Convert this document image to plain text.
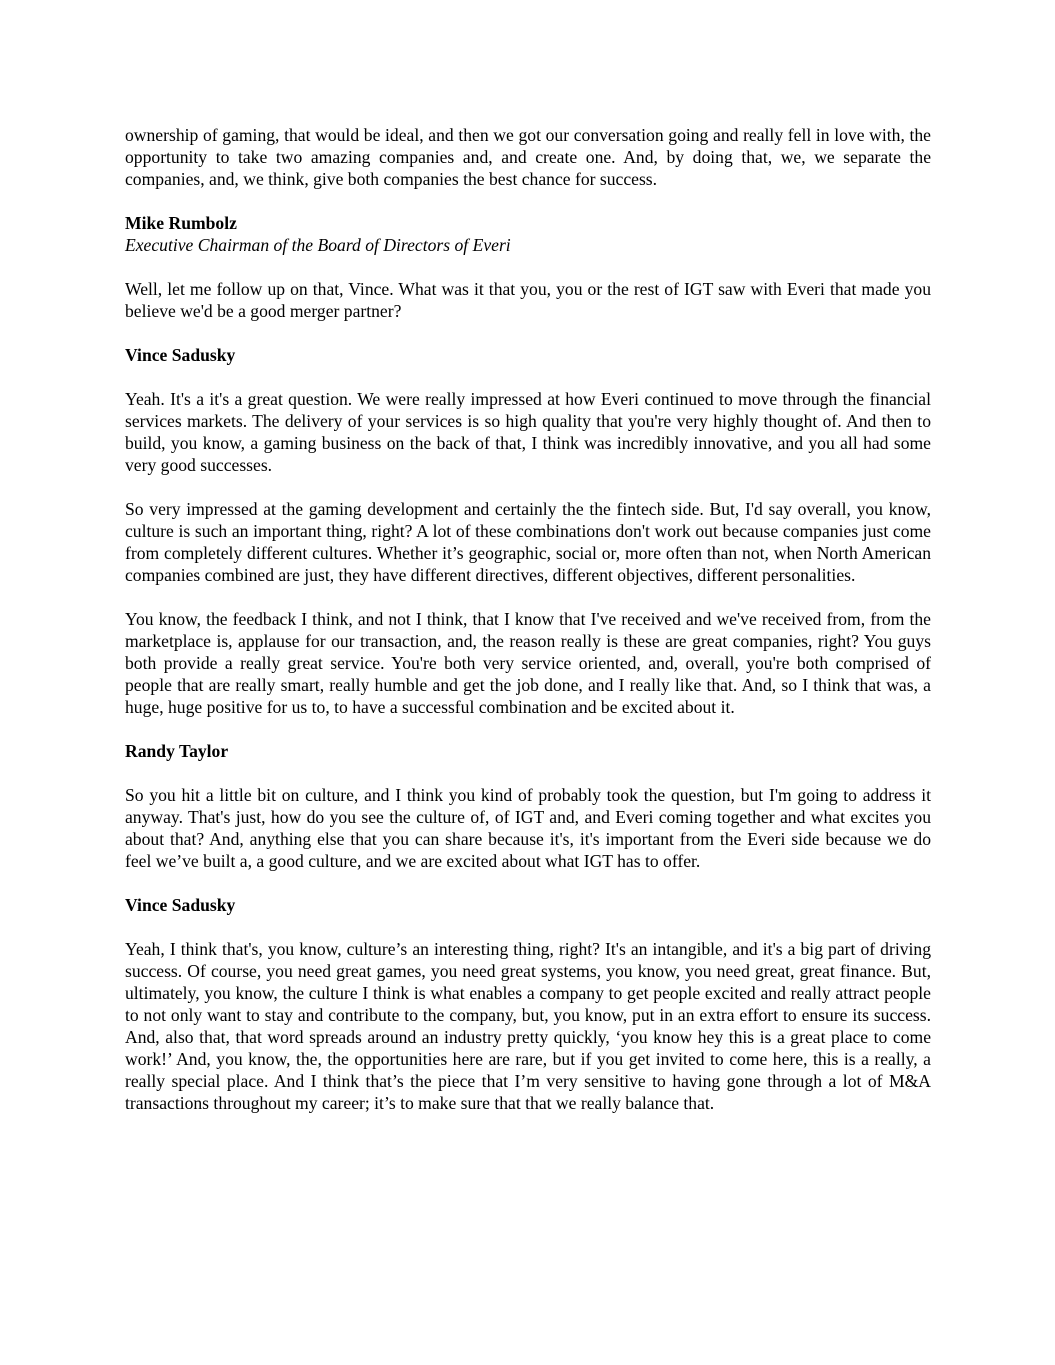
ownership of gaming, that would be ideal, and then we got our conversation going and really fell in love with, the opportunity to take two amazing companies and, and create one. And, by doing that, we, we separate the companies, and, we think, give both companies the best chance for success.

Mike Rumbolz

Executive Chairman of the Board of Directors of Everi

Well, let me follow up on that, Vince. What was it that you, you or the rest of IGT saw with Everi that made you believe we'd be a good merger partner?

Vince Sadusky

Yeah. It's a it's a great question. We were really impressed at how Everi continued to move through the financial services markets. The delivery of your services is so high quality that you're very highly thought of. And then to build, you know, a gaming business on the back of that, I think was incredibly innovative, and you all had some very good successes.

So very impressed at the gaming development and certainly the the fintech side. But, I'd say overall, you know, culture is such an important thing, right? A lot of these combinations don't work out because companies just come from completely different cultures. Whether it’s geographic, social or, more often than not, when North American companies combined are just, they have different directives, different objectives, different personalities.

You know, the feedback I think, and not I think, that I know that I've received and we've received from, from the marketplace is, applause for our transaction, and, the reason really is these are great companies, right? You guys both provide a really great service. You're both very service oriented, and, overall, you're both comprised of people that are really smart, really humble and get the job done, and I really like that. And, so I think that was, a huge, huge positive for us to, to have a successful combination and be excited about it.

Randy Taylor

So you hit a little bit on culture, and I think you kind of probably took the question, but I'm going to address it anyway. That's just, how do you see the culture of, of IGT and, and Everi coming together and what excites you about that? And, anything else that you can share because it's, it's important from the Everi side because we do feel we’ve built a, a good culture, and we are excited about what IGT has to offer.

Vince Sadusky

Yeah, I think that's, you know, culture’s an interesting thing, right? It's an intangible, and it's a big part of driving success. Of course, you need great games, you need great systems, you know, you need great, great finance. But, ultimately, you know, the culture I think is what enables a company to get people excited and really attract people to not only want to stay and contribute to the company, but, you know, put in an extra effort to ensure its success. And, also that, that word spreads around an industry pretty quickly, ‘you know hey this is a great place to come work!’ And, you know, the, the opportunities here are rare, but if you get invited to come here, this is a really, a really special place. And I think that’s the piece that I’m very sensitive to having gone through a lot of M&A transactions throughout my career; it’s to make sure that that we really balance that.
